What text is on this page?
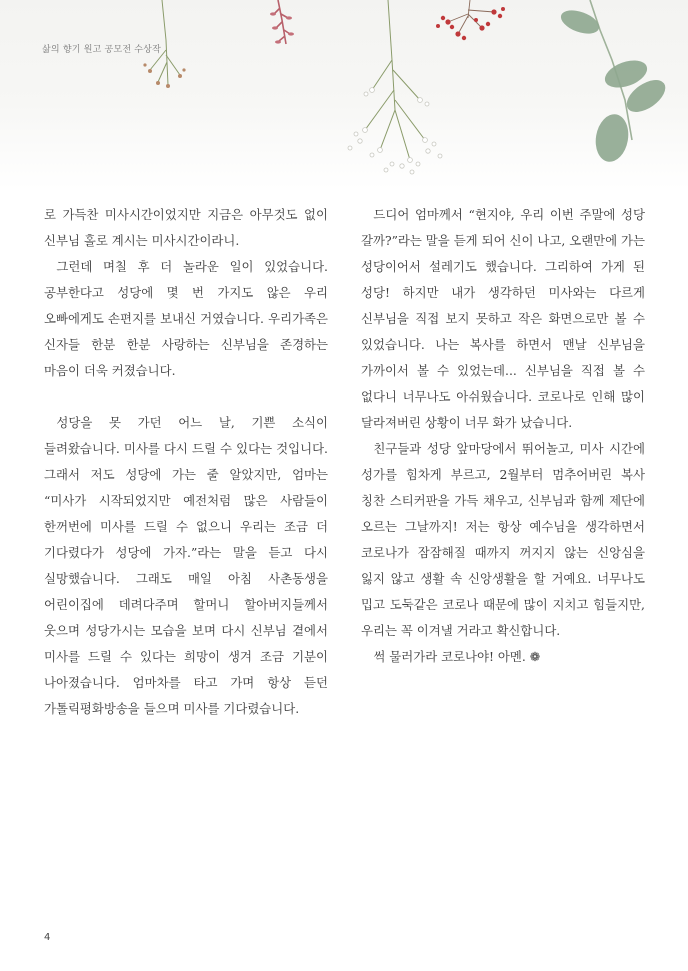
삶의 향기 원고 공모전 수상작

로 가득찬 미사시간이었지만 지금은 아무것도 없이 신부님 홀로 계시는 미사시간이라니.

그런데 며칠 후 더 놀라운 일이 있었습니다. 공부한다고 성당에 몇 번 가지도 않은 우리 오빠에게도 손편지를 보내신 거였습니다. 우리가족은 신자들 한분 한분 사랑하는 신부님을 존경하는 마음이 더욱 커졌습니다.

성당을 못 가던 어느 날, 기쁜 소식이 들려왔습니다. 미사를 다시 드릴 수 있다는 것입니다. 그래서 저도 성당에 가는 줄 알았지만, 엄마는 “미사가 시작되었지만 예전처럼 많은 사람들이 한꺼번에 미사를 드릴 수 없으니 우리는 조금 더 기다렸다가 성당에 가자.”라는 말을 듣고 다시 실망했습니다. 그래도 매일 아침 사촌동생을 어린이집에 데려다주며 할머니 할아버지들께서 웃으며 성당가시는 모습을 보며 다시 신부님 곁에서 미사를 드릴 수 있다는 희망이 생겨 조금 기분이 나아졌습니다. 엄마차를 타고 가며 항상 듣던 가톨릭평화방송을 들으며 미사를 기다렸습니다.

드디어 엄마께서 “현지야, 우리 이번 주말에 성당 갈까?”라는 말을 듣게 되어 신이 나고, 오랜만에 가는 성당이어서 설레기도 했습니다. 그리하여 가게 된 성당! 하지만 내가 생각하던 미사와는 다르게 신부님을 직접 보지 못하고 작은 화면으로만 볼 수 있었습니다. 나는 복사를 하면서 맨날 신부님을 가까이서 볼 수 있었는데... 신부님을 직접 볼 수 없다니 너무나도 아쉬웠습니다. 코로나로 인해 많이 달라져버린 상황이 너무 화가 났습니다.

친구들과 성당 앞마당에서 뛰어놀고, 미사 시간에 성가를 힘차게 부르고, 2월부터 멈추어버린 복사 칭찬 스티커판을 가득 채우고, 신부님과 함께 제단에 오르는 그날까지! 저는 항상 예수님을 생각하면서 코로나가 잠잠해질 때까지 꺼지지 않는 신앙심을 잃지 않고 생활 속 신앙생활을 할 거예요. 너무나도 밉고 도둑같은 코로나 때문에 많이 지치고 힘들지만, 우리는 꼭 이겨낼 거라고 확신합니다.

썩 물러가라 코로나야! 아멘. ❁

4
